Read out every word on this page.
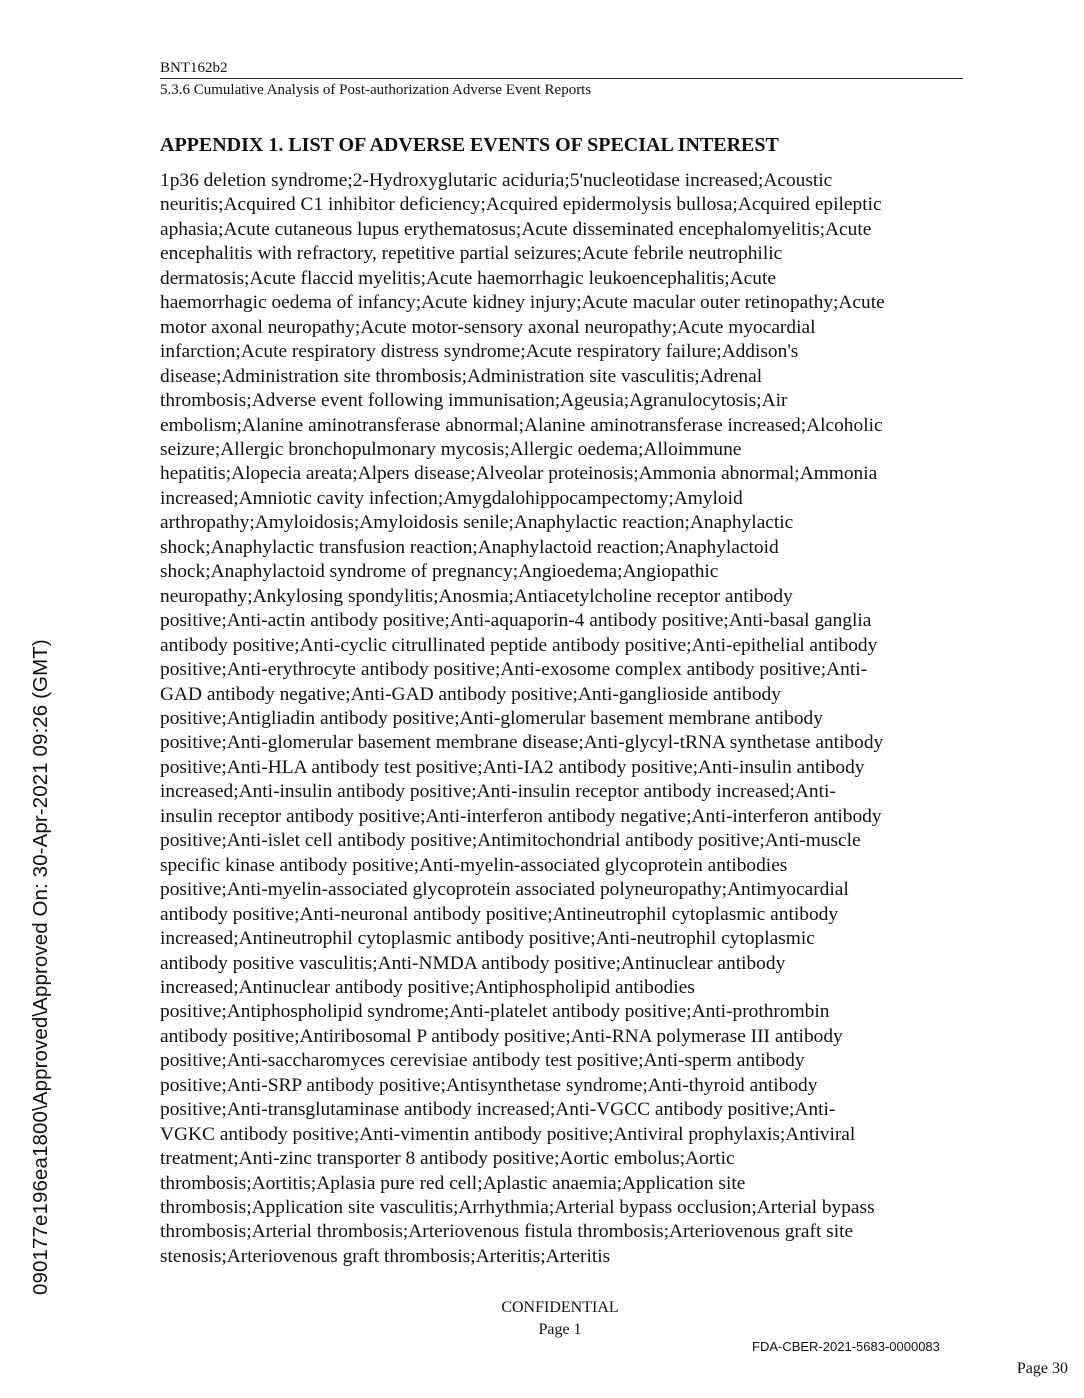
BNT162b2
5.3.6 Cumulative Analysis of Post-authorization Adverse Event Reports
APPENDIX 1. LIST OF ADVERSE EVENTS OF SPECIAL INTEREST
1p36 deletion syndrome;2-Hydroxyglutaric aciduria;5'nucleotidase increased;Acoustic
neuritis;Acquired C1 inhibitor deficiency;Acquired epidermolysis bullosa;Acquired epileptic
aphasia;Acute cutaneous lupus erythematosus;Acute disseminated encephalomyelitis;Acute
encephalitis with refractory, repetitive partial seizures;Acute febrile neutrophilic
dermatosis;Acute flaccid myelitis;Acute haemorrhagic leukoencephalitis;Acute
haemorrhagic oedema of infancy;Acute kidney injury;Acute macular outer retinopathy;Acute
motor axonal neuropathy;Acute motor-sensory axonal neuropathy;Acute myocardial
infarction;Acute respiratory distress syndrome;Acute respiratory failure;Addison's
disease;Administration site thrombosis;Administration site vasculitis;Adrenal
thrombosis;Adverse event following immunisation;Ageusia;Agranulocytosis;Air
embolism;Alanine aminotransferase abnormal;Alanine aminotransferase increased;Alcoholic
seizure;Allergic bronchopulmonary mycosis;Allergic oedema;Alloimmune
hepatitis;Alopecia areata;Alpers disease;Alveolar proteinosis;Ammonia abnormal;Ammonia
increased;Amniotic cavity infection;Amygdalohippocampectomy;Amyloid
arthropathy;Amyloidosis;Amyloidosis senile;Anaphylactic reaction;Anaphylactic
shock;Anaphylactic transfusion reaction;Anaphylactoid reaction;Anaphylactoid
shock;Anaphylactoid syndrome of pregnancy;Angioedema;Angiopathic
neuropathy;Ankylosing spondylitis;Anosmia;Antiacetylcholine receptor antibody
positive;Anti-actin antibody positive;Anti-aquaporin-4 antibody positive;Anti-basal ganglia
antibody positive;Anti-cyclic citrullinated peptide antibody positive;Anti-epithelial antibody
positive;Anti-erythrocyte antibody positive;Anti-exosome complex antibody positive;Anti-
GAD antibody negative;Anti-GAD antibody positive;Anti-ganglioside antibody
positive;Antigliadin antibody positive;Anti-glomerular basement membrane antibody
positive;Anti-glomerular basement membrane disease;Anti-glycyl-tRNA synthetase antibody
positive;Anti-HLA antibody test positive;Anti-IA2 antibody positive;Anti-insulin antibody
increased;Anti-insulin antibody positive;Anti-insulin receptor antibody increased;Anti-
insulin receptor antibody positive;Anti-interferon antibody negative;Anti-interferon antibody
positive;Anti-islet cell antibody positive;Antimitochondrial antibody positive;Anti-muscle
specific kinase antibody positive;Anti-myelin-associated glycoprotein antibodies
positive;Anti-myelin-associated glycoprotein associated polyneuropathy;Antimyocardial
antibody positive;Anti-neuronal antibody positive;Antineutrophil cytoplasmic antibody
increased;Antineutrophil cytoplasmic antibody positive;Anti-neutrophil cytoplasmic
antibody positive vasculitis;Anti-NMDA antibody positive;Antinuclear antibody
increased;Antinuclear antibody positive;Antiphospholipid antibodies
positive;Antiphospholipid syndrome;Anti-platelet antibody positive;Anti-prothrombin
antibody positive;Antiribosomal P antibody positive;Anti-RNA polymerase III antibody
positive;Anti-saccharomyces cerevisiae antibody test positive;Anti-sperm antibody
positive;Anti-SRP antibody positive;Antisynthetase syndrome;Anti-thyroid antibody
positive;Anti-transglutaminase antibody increased;Anti-VGCC antibody positive;Anti-
VGKC antibody positive;Anti-vimentin antibody positive;Antiviral prophylaxis;Antiviral
treatment;Anti-zinc transporter 8 antibody positive;Aortic embolus;Aortic
thrombosis;Aortitis;Aplasia pure red cell;Aplastic anaemia;Application site
thrombosis;Application site vasculitis;Arrhythmia;Arterial bypass occlusion;Arterial bypass
thrombosis;Arterial thrombosis;Arteriovenous fistula thrombosis;Arteriovenous graft site
stenosis;Arteriovenous graft thrombosis;Arteritis;Arteritis
CONFIDENTIAL
Page 1
FDA-CBER-2021-5683-0000083
Page 30
090177e196ea1800\Approved\Approved On: 30-Apr-2021 09:26 (GMT)
